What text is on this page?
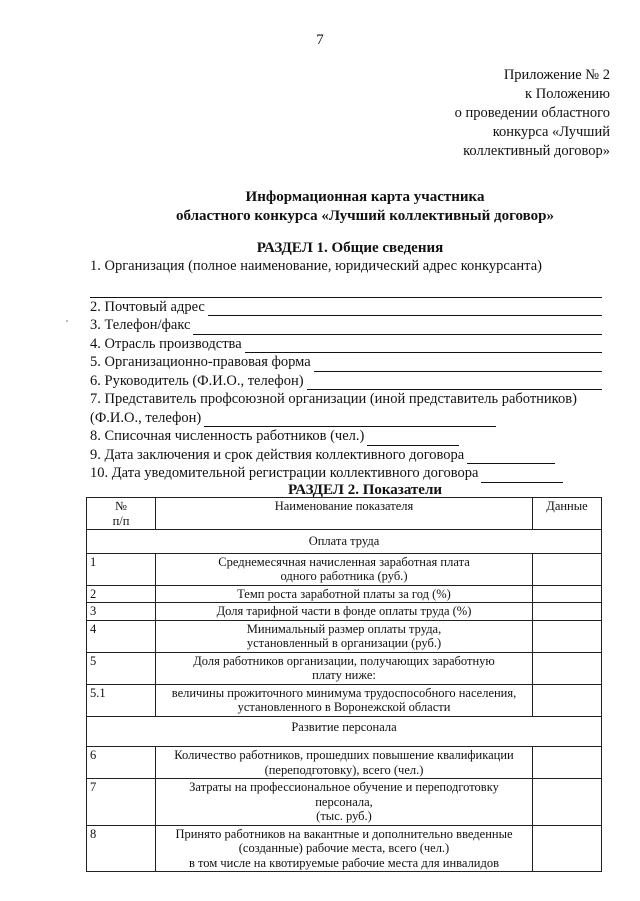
7
Приложение № 2
к Положению
о проведении областного
конкурса «Лучший
коллективный договор»
Информационная карта участника
областного конкурса «Лучший коллективный договор»
РАЗДЕЛ 1. Общие сведения
1. Организация (полное наименование, юридический адрес конкурсанта)
2. Почтовый адрес
3. Телефон/факс
4. Отрасль производства
5. Организационно-правовая форма
6. Руководитель (Ф.И.О., телефон)
7. Представитель профсоюзной организации (иной представитель работников)
(Ф.И.О., телефон)
8. Списочная численность работников (чел.)
9. Дата заключения и срок действия коллективного договора
10. Дата уведомительной регистрации коллективного договора
РАЗДЕЛ 2. Показатели
№
п/п	Наименование показателя	Данные
Оплата труда		
1	Среднемесячная начисленная заработная плата
одного работника (руб.)	

2	Темп роста заработной платы за год (%)	

3	Доля тарифной части в фонде оплаты труда (%)	

4	Минимальный размер оплаты труда,
установленный в организации (руб.)	

5	Доля работников организации, получающих заработную
плату ниже:	

5.1	величины прожиточного минимума трудоспособного населения,
установленного в Воронежской области	

Развитие персонала		
6	Количество работников, прошедших повышение квалификации
(переподготовку), всего (чел.)	

7	Затраты на профессиональное обучение и переподготовку персонала,
(тыс. руб.)	

8	Принято работников на вакантные и дополнительно введенные
(созданные) рабочие места, всего (чел.)
в том числе на квотируемые рабочие места для инвалидов	
